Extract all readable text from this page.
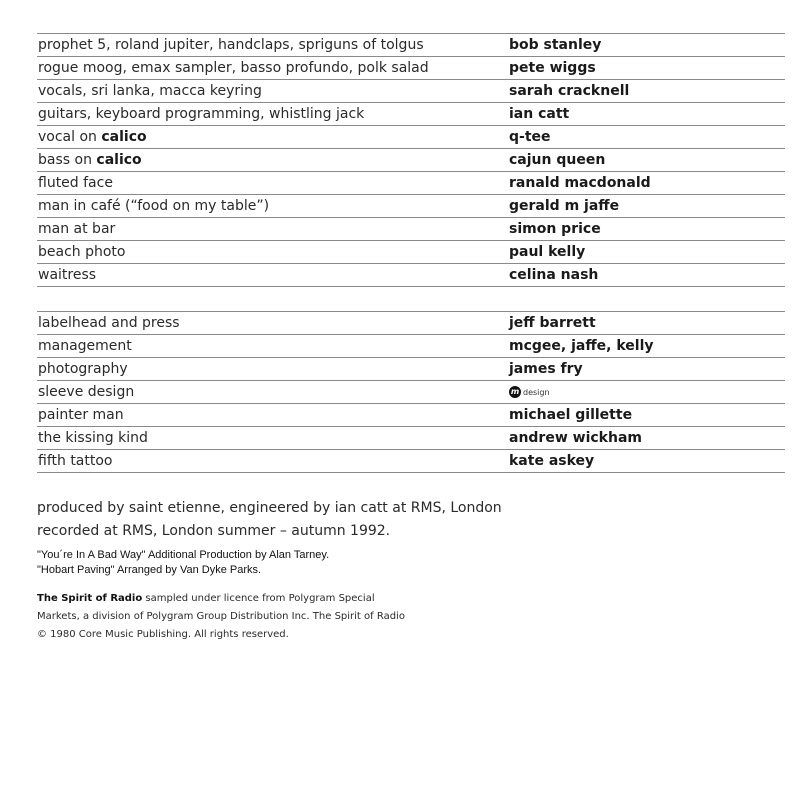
prophet 5, roland jupiter, handclaps, spriguns of tolgus	bob stanley
rogue moog, emax sampler, basso profundo, polk salad	pete wiggs
vocals, sri lanka, macca keyring	sarah cracknell
guitars, keyboard programming, whistling jack	ian catt
vocal on calico	q-tee
bass on calico	cajun queen
fluted face	ranald macdonald
man in café (“food on my table”)	gerald m jaffe
man at bar	simon price
beach photo	paul kelly
waitress	celina nash
labelhead and press	jeff barrett
management	mcgee, jaffe, kelly
photography	james fry
sleeve design	m design
painter man	michael gillette
the kissing kind	andrew wickham
fifth tattoo	kate askey
produced by saint etienne, engineered by ian catt at RMS, London
recorded at RMS, London summer – autumn 1992.
"You´re In A Bad Way" Additional Production by Alan Tarney.
"Hobart Paving" Arranged by Van Dyke Parks.
The Spirit of Radio sampled under licence from Polygram Special Markets, a division of Polygram Group Distribution Inc. The Spirit of Radio © 1980 Core Music Publishing. All rights reserved.
